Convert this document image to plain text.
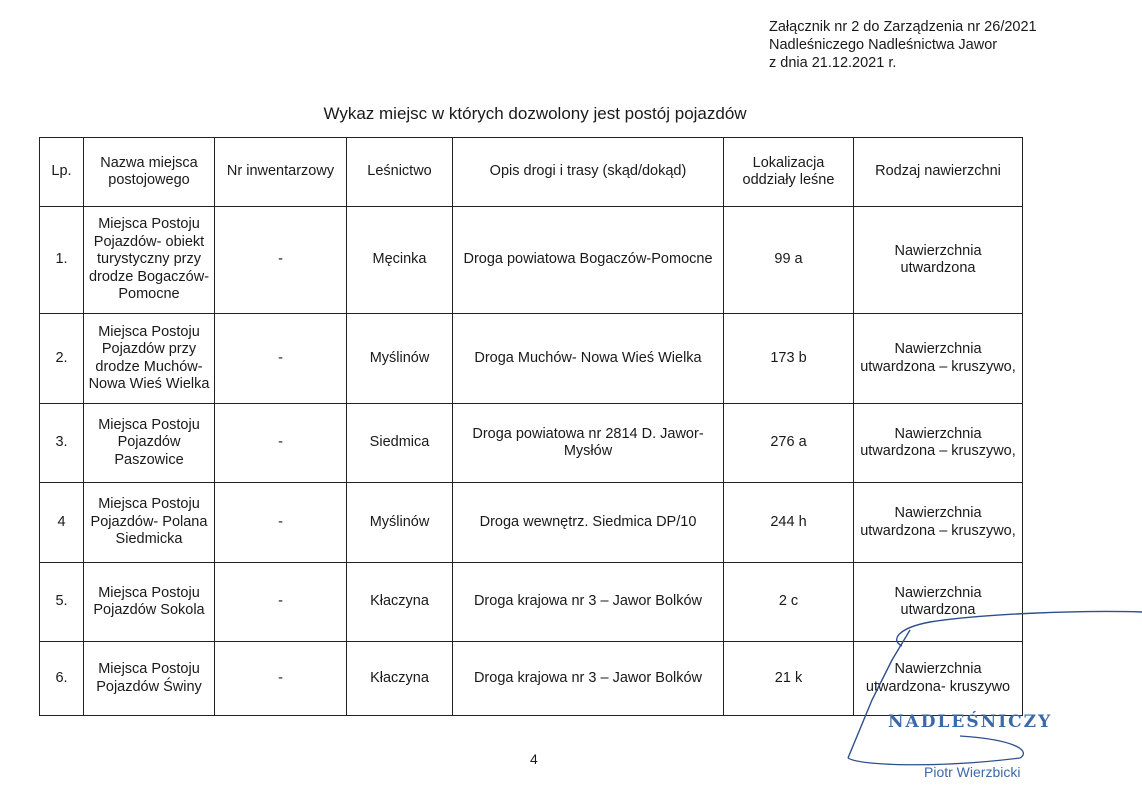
Załącznik nr 2 do Zarządzenia nr 26/2021
Nadleśniczego Nadleśnictwa Jawor
z dnia 21.12.2021 r.
Wykaz miejsc w których dozwolony jest postój pojazdów
Lp.	Nazwa miejsca postojowego	Nr inwentarzowy	Leśnictwo	Opis drogi i trasy (skąd/dokąd)	Lokalizacja oddziały leśne	Rodzaj nawierzchni
1.	Miejsca Postoju Pojazdów- obiekt turystyczny przy drodze Bogaczów-Pomocne	-	Męcinka	Droga powiatowa Bogaczów-Pomocne	99 a	Nawierzchnia utwardzona
2.	Miejsca Postoju Pojazdów przy drodze Muchów-Nowa Wieś Wielka	-	Myślinów	Droga Muchów- Nowa Wieś Wielka	173 b	Nawierzchnia utwardzona – kruszywo,
3.	Miejsca Postoju Pojazdów Paszowice	-	Siedmica	Droga powiatowa nr 2814 D. Jawor- Mysłów	276 a	Nawierzchnia utwardzona – kruszywo,
4	Miejsca Postoju Pojazdów- Polana Siedmicka	-	Myślinów	Droga wewnętrz. Siedmica DP/10	244 h	Nawierzchnia utwardzona – kruszywo,
5.	Miejsca Postoju Pojazdów Sokola	-	Kłaczyna	Droga krajowa nr 3 – Jawor Bolków	2 c	Nawierzchnia utwardzona
6.	Miejsca Postoju Pojazdów Świny	-	Kłaczyna	Droga krajowa nr 3 – Jawor Bolków	21 k	Nawierzchnia utwardzona- kruszywo
4
NADLEŚNICZY
Piotr Wierzbicki
